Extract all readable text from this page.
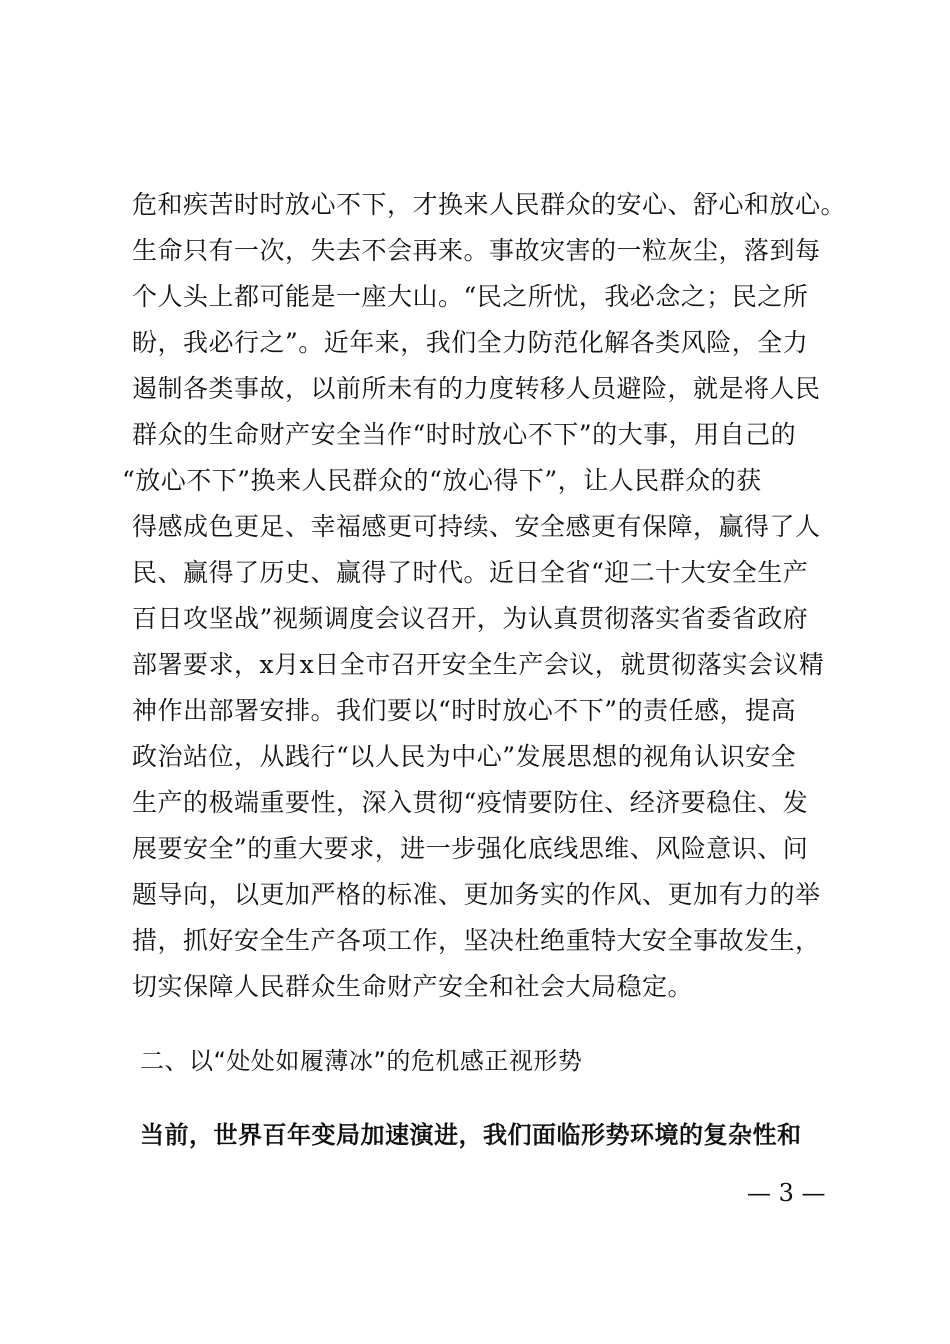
危和疾苦时时放心不下，才换来人民群众的安心、舒心和放心。
生命只有一次，失去不会再来。事故灾害的一粒灰尘，落到每
个人头上都可能是一座大山。“民之所忧，我必念之；民之所
盼，我必行之”。近年来，我们全力防范化解各类风险，全力
遏制各类事故，以前所未有的力度转移人员避险，就是将人民
群众的生命财产安全当作“时时放心不下”的大事，用自己的
“放心不下”换来人民群众的“放心得下”，让人民群众的获
得感成色更足、幸福感更可持续、安全感更有保障，赢得了人
民、赢得了历史、赢得了时代。近日全省“迎二十大安全生产
百日攻坚战”视频调度会议召开，为认真贯彻落实省委省政府
部署要求，x月x日全市召开安全生产会议，就贯彻落实会议精
神作出部署安排。我们要以“时时放心不下”的责任感，提高
政治站位，从践行“以人民为中心”发展思想的视角认识安全
生产的极端重要性，深入贯彻“疫情要防住、经济要稳住、发
展要安全”的重大要求，进一步强化底线思维、风险意识、问
题导向，以更加严格的标准、更加务实的作风、更加有力的举
措，抓好安全生产各项工作，坚决杜绝重特大安全事故发生，
切实保障人民群众生命财产安全和社会大局稳定。
二、以“处处如履薄冰”的危机感正视形势
当前，世界百年变局加速演进，我们面临形势环境的复杂性和
— 3 —
